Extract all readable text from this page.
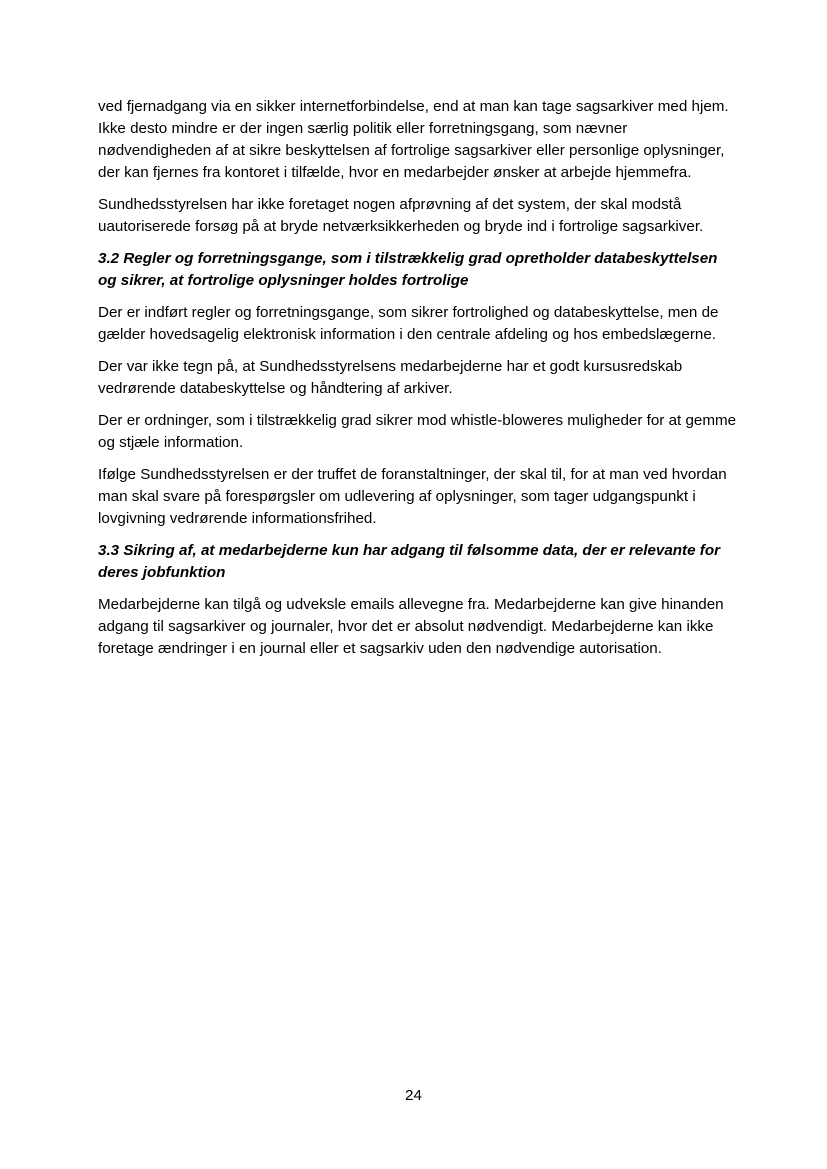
ved fjernadgang via en sikker internetforbindelse, end at man kan tage sagsarkiver med hjem. Ikke desto mindre er der ingen særlig politik eller forretningsgang, som nævner nødvendigheden af at sikre beskyttelsen af fortrolige sagsarkiver eller personlige oplysninger, der kan fjernes fra kontoret i tilfælde, hvor en medarbejder ønsker at arbejde hjemmefra.

Sundhedsstyrelsen har ikke foretaget nogen afprøvning af det system, der skal modstå uautoriserede forsøg på at bryde netværksikkerheden og bryde ind i fortrolige sagsarkiver.

3.2 Regler og forretningsgange, som i tilstrækkelig grad opretholder databeskyttelsen og sikrer, at fortrolige oplysninger holdes fortrolige

Der er indført regler og forretningsgange, som sikrer fortrolighed og databeskyttelse, men de gælder hovedsagelig elektronisk information i den centrale afdeling og hos embedslægerne.

Der var ikke tegn på, at Sundhedsstyrelsens medarbejderne har et godt kursusredskab vedrørende databeskyttelse og håndtering af arkiver.

Der er ordninger, som i tilstrækkelig grad sikrer mod whistle-bloweres muligheder for at gemme og stjæle information.

Ifølge Sundhedsstyrelsen er der truffet de foranstaltninger, der skal til, for at man ved hvordan man skal svare på forespørgsler om udlevering af oplysninger, som tager udgangspunkt i lovgivning vedrørende informationsfrihed.

3.3 Sikring af, at medarbejderne kun har adgang til følsomme data, der er relevante for deres jobfunktion

Medarbejderne kan tilgå og udveksle emails allevegne fra. Medarbejderne kan give hinanden adgang til sagsarkiver og journaler, hvor det er absolut nødvendigt. Medarbejderne kan ikke foretage ændringer i en journal eller et sagsarkiv uden den nødvendige autorisation.

24
